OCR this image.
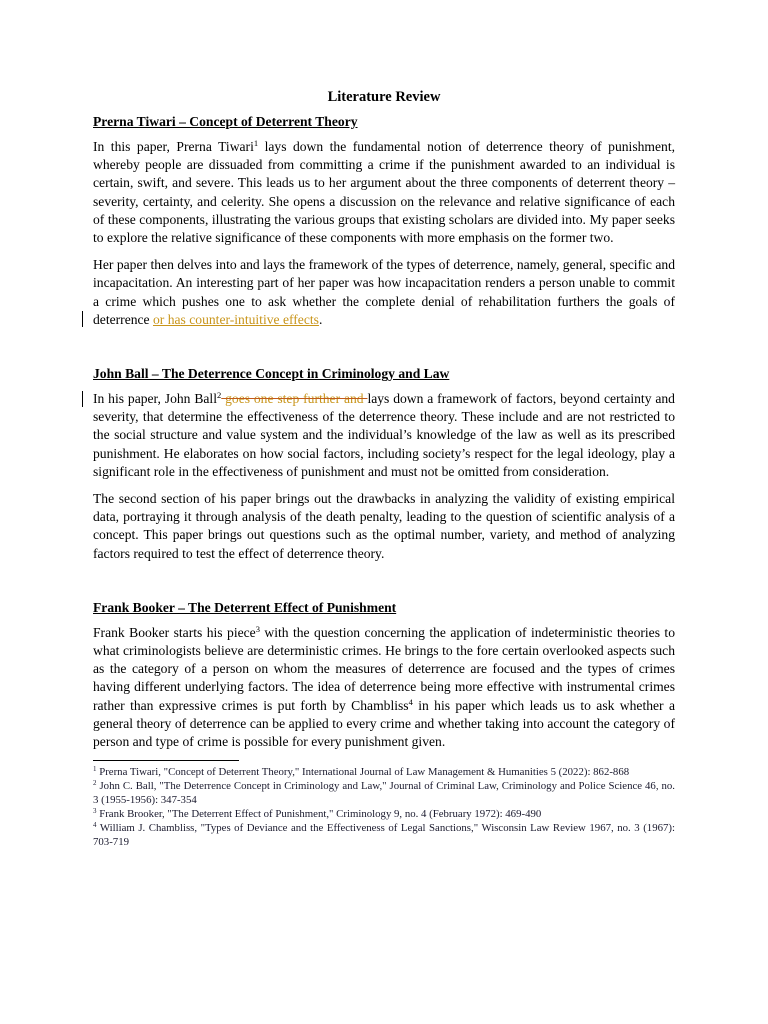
Literature Review
Prerna Tiwari – Concept of Deterrent Theory

In this paper, Prerna Tiwari$^1$ lays down the fundamental notion of deterrence theory of punishment, whereby people are dissuaded from committing a crime if the punishment awarded to an individual is certain, swift, and severe. This leads us to her argument about the three components of deterrent theory – severity, certainty, and celerity. She opens a discussion on the relevance and relative significance of each of these components, illustrating the various groups that existing scholars are divided into. My paper seeks to explore the relative significance of these components with more emphasis on the former two.

Her paper then delves into and lays the framework of the types of deterrence, namely, general, specific and incapacitation. An interesting part of her paper was how incapacitation renders a person unable to commit a crime which pushes one to ask whether the complete denial of rehabilitation furthers the goals of deterrence or has counter-intuitive effects.

John Ball – The Deterrence Concept in Criminology and Law

In his paper, John Ball$^2$ goes one step further and lays down a framework of factors, beyond certainty and severity, that determine the effectiveness of the deterrence theory. These include and are not restricted to the social structure and value system and the individual’s knowledge of the law as well as its prescribed punishment. He elaborates on how social factors, including society’s respect for the legal ideology, play a significant role in the effectiveness of punishment and must not be omitted from consideration.

The second section of his paper brings out the drawbacks in analyzing the validity of existing empirical data, portraying it through analysis of the death penalty, leading to the question of scientific analysis of a concept. This paper brings out questions such as the optimal number, variety, and method of analyzing factors required to test the effect of deterrence theory.

Frank Booker – The Deterrent Effect of Punishment

Frank Booker starts his piece$^3$ with the question concerning the application of indeterministic theories to what criminologists believe are deterministic crimes. He brings to the fore certain overlooked aspects such as the category of a person on whom the measures of deterrence are focused and the types of crimes having different underlying factors. The idea of deterrence being more effective with instrumental crimes rather than expressive crimes is put forth by Chambliss$^4$ in his paper which leads us to ask whether a general theory of deterrence can be applied to every crime and whether taking into account the category of person and type of crime is possible for every punishment given.

$^1$ Prerna Tiwari, "Concept of Deterrent Theory," International Journal of Law Management & Humanities 5 (2022): 862-868

$^2$ John C. Ball, "The Deterrence Concept in Criminology and Law," Journal of Criminal Law, Criminology and Police Science 46, no. 3 (1955-1956): 347-354

$^3$ Frank Brooker, "The Deterrent Effect of Punishment," Criminology 9, no. 4 (February 1972): 469-490

$^4$ William J. Chambliss, "Types of Deviance and the Effectiveness of Legal Sanctions," Wisconsin Law Review 1967, no. 3 (1967): 703-719
